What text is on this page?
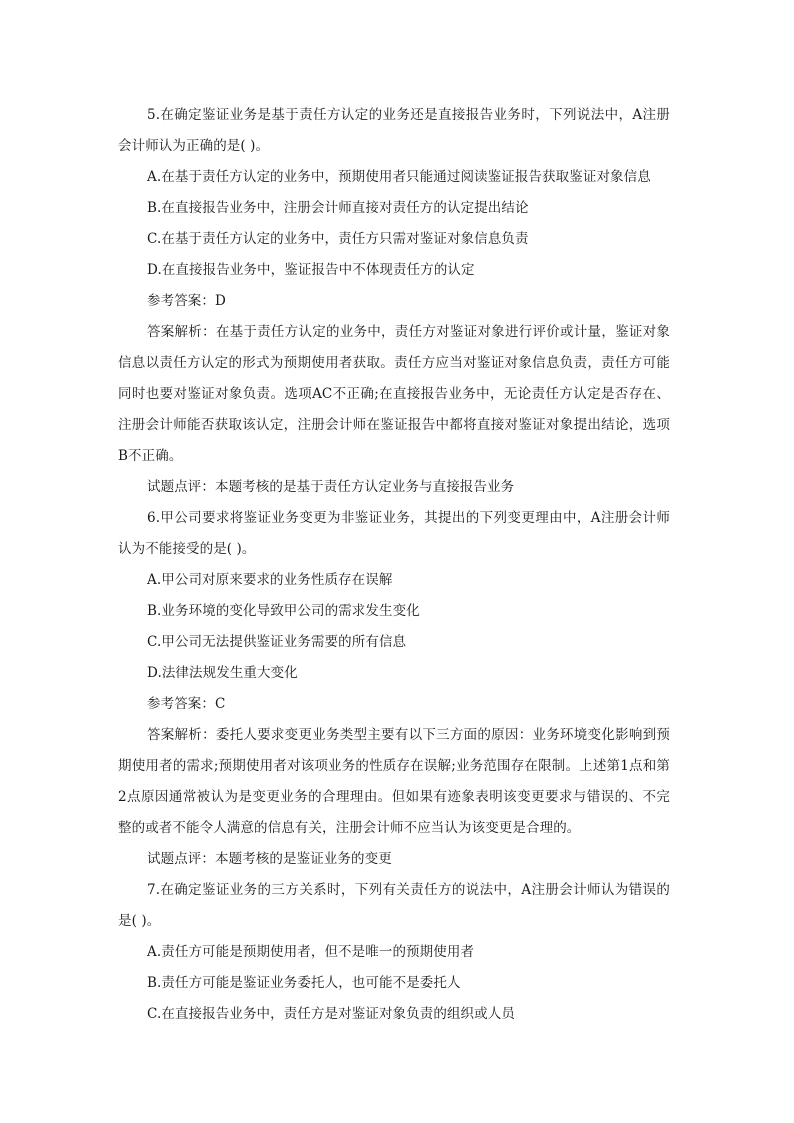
5.在确定鉴证业务是基于责任方认定的业务还是直接报告业务时，下列说法中，A注册会计师认为正确的是( )。

A.在基于责任方认定的业务中，预期使用者只能通过阅读鉴证报告获取鉴证对象信息

B.在直接报告业务中，注册会计师直接对责任方的认定提出结论

C.在基于责任方认定的业务中，责任方只需对鉴证对象信息负责

D.在直接报告业务中，鉴证报告中不体现责任方的认定

参考答案：D

答案解析：在基于责任方认定的业务中，责任方对鉴证对象进行评价或计量，鉴证对象信息以责任方认定的形式为预期使用者获取。责任方应当对鉴证对象信息负责，责任方可能同时也要对鉴证对象负责。选项AC不正确;在直接报告业务中，无论责任方认定是否存在、注册会计师能否获取该认定，注册会计师在鉴证报告中都将直接对鉴证对象提出结论，选项B不正确。

试题点评：本题考核的是基于责任方认定业务与直接报告业务

6.甲公司要求将鉴证业务变更为非鉴证业务，其提出的下列变更理由中，A注册会计师认为不能接受的是( )。

A.甲公司对原来要求的业务性质存在误解

B.业务环境的变化导致甲公司的需求发生变化

C.甲公司无法提供鉴证业务需要的所有信息

D.法律法规发生重大变化

参考答案：C

答案解析：委托人要求变更业务类型主要有以下三方面的原因：业务环境变化影响到预期使用者的需求;预期使用者对该项业务的性质存在误解;业务范围存在限制。上述第1点和第2点原因通常被认为是变更业务的合理理由。但如果有迹象表明该变更要求与错误的、不完整的或者不能令人满意的信息有关，注册会计师不应当认为该变更是合理的。

试题点评：本题考核的是鉴证业务的变更

7.在确定鉴证业务的三方关系时，下列有关责任方的说法中，A注册会计师认为错误的是( )。

A.责任方可能是预期使用者，但不是唯一的预期使用者

B.责任方可能是鉴证业务委托人，也可能不是委托人

C.在直接报告业务中，责任方是对鉴证对象负责的组织或人员
